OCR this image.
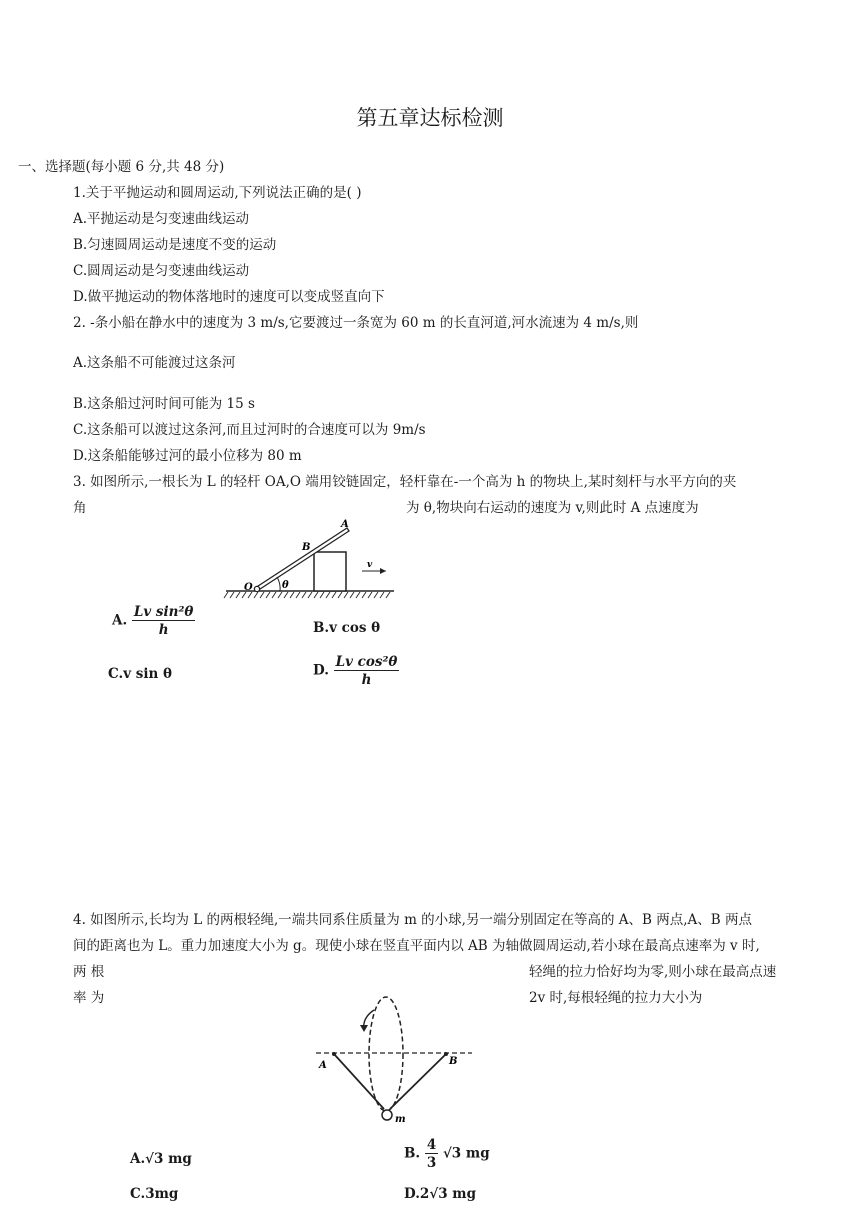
第五章达标检测
一、选择题(每小题 6 分,共 48 分)
1.关于平抛运动和圆周运动,下列说法正确的是( )
A.平抛运动是匀变速曲线运动
B.匀速圆周运动是速度不变的运动
C.圆周运动是匀变速曲线运动
D.做平抛运动的物体落地时的速度可以变成竖直向下
2. -条小船在静水中的速度为 3 m/s,它要渡过一条宽为 60 m 的长直河道,河水流速为 4 m/s,则
A.这条船不可能渡过这条河
B.这条船过河时间可能为 15 s
C.这条船可以渡过这条河,而且过河时的合速度可以为 9m/s
D.这条船能够过河的最小位移为 80 m
3. 如图所示,一根长为 L 的轻杆 OA,O 端用铰链固定，轻杆靠在-一个高为 h 的物块上,某时刻杆与水平方向的夹
角	为 θ,物块向右运动的速度为 v,则此时 A 点速度为
θ
O
B
A
v
A. $\frac{\text{Lv sin²θ}}{h}$	B.v cos θ
C.v sin θ	D. $\frac{\text{Lv cos²θ}}{h}$
4. 如图所示,长均为 L 的两根轻绳,一端共同系住质量为 m 的小球,另一端分别固定在等高的 A、B 两点,A、B 两点
间的距离也为 L。重力加速度大小为 g。现使小球在竖直平面内以 AB 为轴做圆周运动,若小球在最高点速率为 v 时,
两 根	轻绳的拉力恰好均为零,则小球在最高点速
率 为	2v 时,每根轻绳的拉力大小为
A	B
m
A.√3 mg	B. $\frac{4}{3} √3$ mg
C.3mg	D.2√3 mg
